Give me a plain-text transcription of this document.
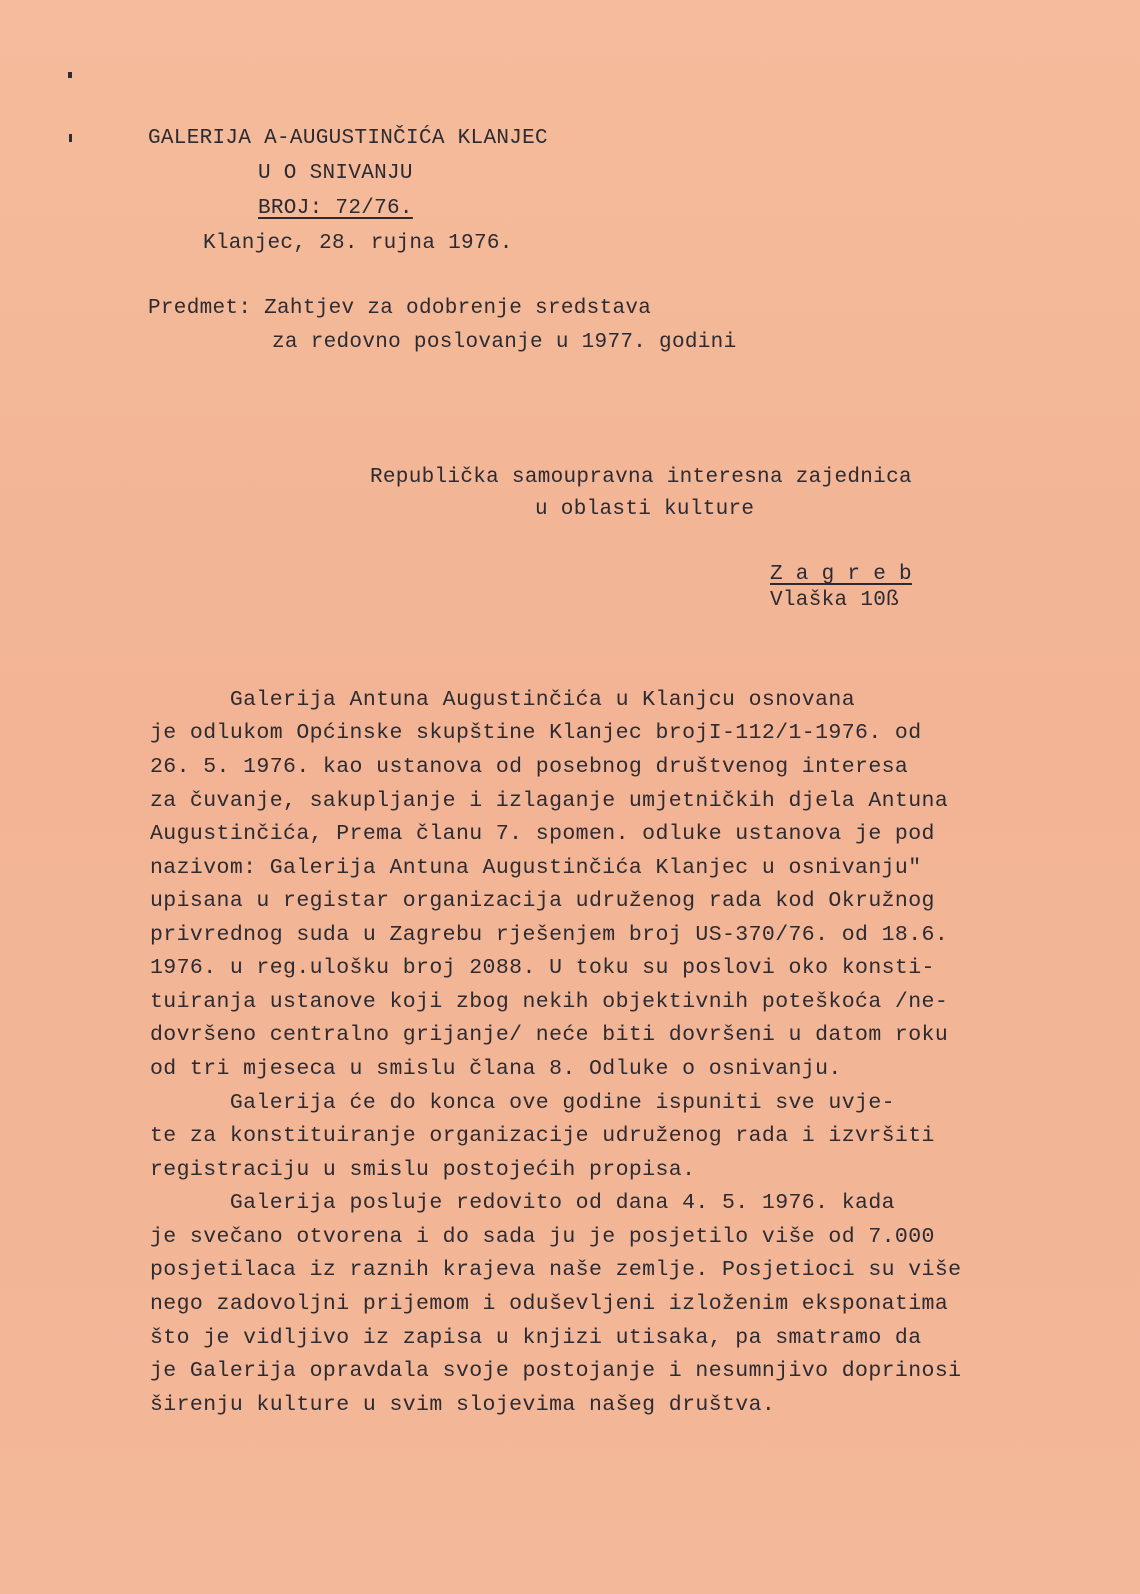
GALERIJA A-AUGUSTINČIĆA KLANJEC
U O SNIVANJU
BROJ: 72/76.
Klanjec, 28. rujna 1976.
Predmet: Zahtjev za odobrenje sredstava
za redovno poslovanje u 1977. godini
Republička samoupravna interesna zajednica
u oblasti kulture
Z a g r e b
Vlaška 10ß
Galerija Antuna Augustinčića u Klanjcu osnovana
je odlukom Općinske skupštine Klanjec brojI-112/1-1976. od
26. 5. 1976. kao ustanova od posebnog društvenog interesa
za čuvanje, sakupljanje i izlaganje umjetničkih djela Antuna
Augustinčića, Prema članu 7. spomen. odluke ustanova je pod
nazivom: Galerija Antuna Augustinčića Klanjec u osnivanju"
upisana u registar organizacija udruženog rada kod Okružnog
privrednog suda u Zagrebu rješenjem broj US-370/76. od 18.6.
1976. u reg.ulošku broj 2088. U toku su poslovi oko konsti-
tuiranja ustanove koji zbog nekih objektivnih poteškoća /ne-
dovršeno centralno grijanje/ neće biti dovršeni u datom roku
od tri mjeseca u smislu člana 8. Odluke o osnivanju.
Galerija će do konca ove godine ispuniti sve uvje-
te za konstituiranje organizacije udruženog rada i izvršiti
registraciju u smislu postojećih propisa.
Galerija posluje redovito od dana 4. 5. 1976. kada
je svečano otvorena i do sada ju je posjetilo više od 7.000
posjetilaca iz raznih krajeva naše zemlje. Posjetioci su više
nego zadovoljni prijemom i oduševljeni izloženim eksponatima
što je vidljivo iz zapisa u knjizi utisaka, pa smatramo da
je Galerija opravdala svoje postojanje i nesumnjivo doprinosi
širenju kulture u svim slojevima našeg društva.
